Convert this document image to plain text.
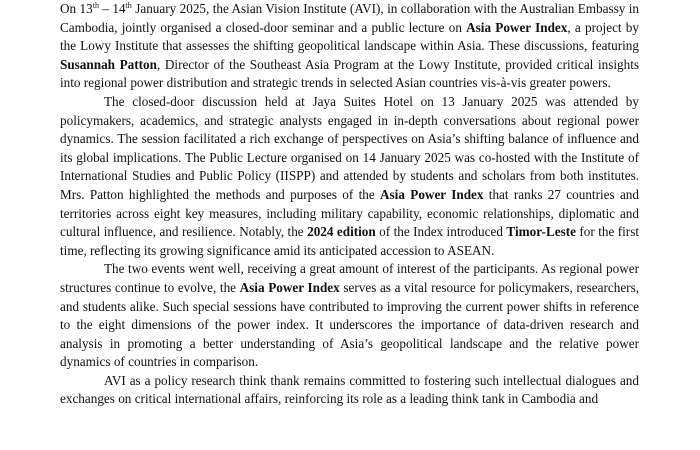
On 13th – 14th January 2025, the Asian Vision Institute (AVI), in collaboration with the Australian Embassy in Cambodia, jointly organised a closed-door seminar and a public lecture on Asia Power Index, a project by the Lowy Institute that assesses the shifting geopolitical landscape within Asia. These discussions, featuring Susannah Patton, Director of the Southeast Asia Program at the Lowy Institute, provided critical insights into regional power distribution and strategic trends in selected Asian countries vis-à-vis greater powers.

The closed-door discussion held at Jaya Suites Hotel on 13 January 2025 was attended by policymakers, academics, and strategic analysts engaged in in-depth conversations about regional power dynamics. The session facilitated a rich exchange of perspectives on Asia’s shifting balance of influence and its global implications. The Public Lecture organised on 14 January 2025 was co-hosted with the Institute of International Studies and Public Policy (IISPP) and attended by students and scholars from both institutes. Mrs. Patton highlighted the methods and purposes of the Asia Power Index that ranks 27 countries and territories across eight key measures, including military capability, economic relationships, diplomatic and cultural influence, and resilience. Notably, the 2024 edition of the Index introduced Timor-Leste for the first time, reflecting its growing significance amid its anticipated accession to ASEAN.

The two events went well, receiving a great amount of interest of the participants. As regional power structures continue to evolve, the Asia Power Index serves as a vital resource for policymakers, researchers, and students alike. Such special sessions have contributed to improving the current power shifts in reference to the eight dimensions of the power index. It underscores the importance of data-driven research and analysis in promoting a better understanding of Asia’s geopolitical landscape and the relative power dynamics of countries in comparison.

AVI as a policy research think thank remains committed to fostering such intellectual dialogues and exchanges on critical international affairs, reinforcing its role as a leading think tank in Cambodia and
